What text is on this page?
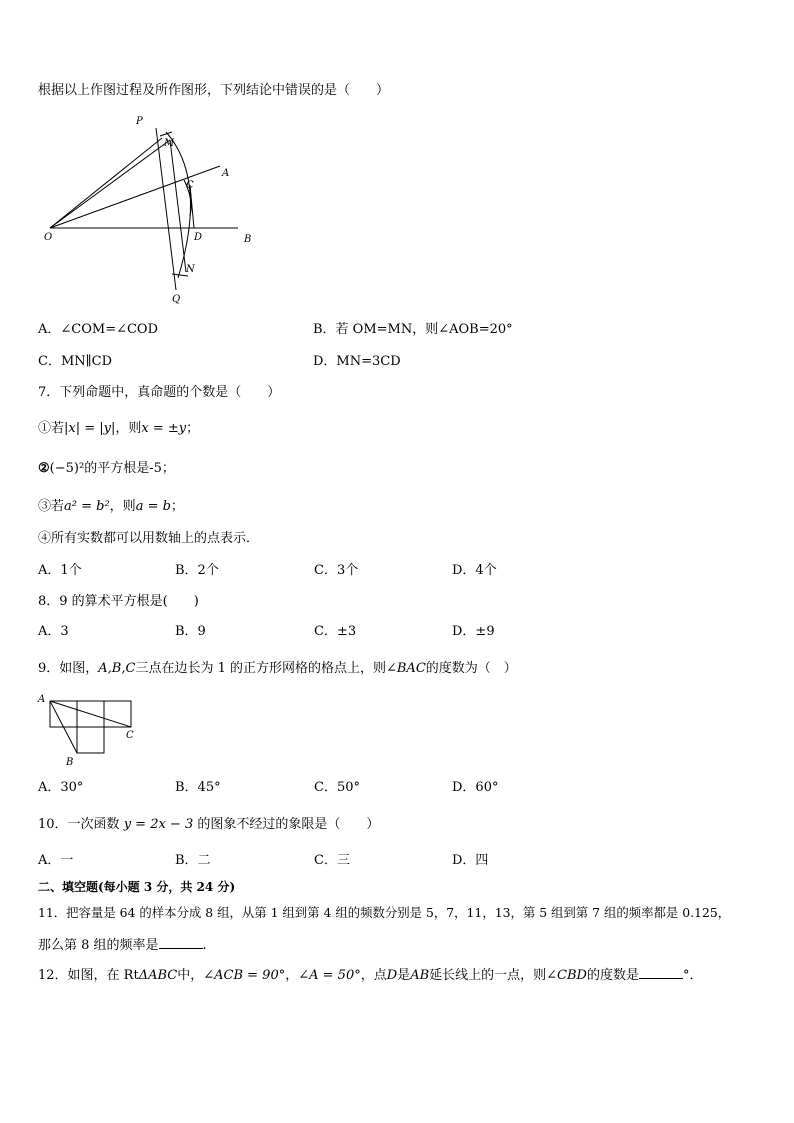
根据以上作图过程及所作图形，下列结论中错误的是（　　）
P
M
A
C
O	D	B
N
Q
A．∠COM=∠COD	B．若 OM=MN，则∠AOB=20°
C．MN∥CD	D．MN=3CD
7．下列命题中，真命题的个数是（　　）
①若|x| = |y|，则x = ±y；
②(−5)²的平方根是-5；
③若a² = b²，则a = b；
④所有实数都可以用数轴上的点表示．
A．1个	B．2个	C．3个	D．4个
8．9 的算术平方根是(　　)
A．3	B．9	C．±3	D．±9
9．如图，A,B,C三点在边长为 1 的正方形网格的格点上，则∠BAC的度数为（　）
A
C
B
A．30°	B．45°	C．50°	D．60°
10．一次函数 y = 2x − 3 的图象不经过的象限是（　　）
A．一	B．二	C．三	D．四
二、填空题(每小题 3 分，共 24 分)
11．把容量是 64 的样本分成 8 组，从第 1 组到第 4 组的频数分别是 5，7，11，13，第 5 组到第 7 组的频率都是 0.125，
那么第 8 组的频率是	.
12．如图，在 RtΔABC中，∠ACB = 90°，∠A = 50°，点D是AB延长线上的一点，则∠CBD的度数是	°．
